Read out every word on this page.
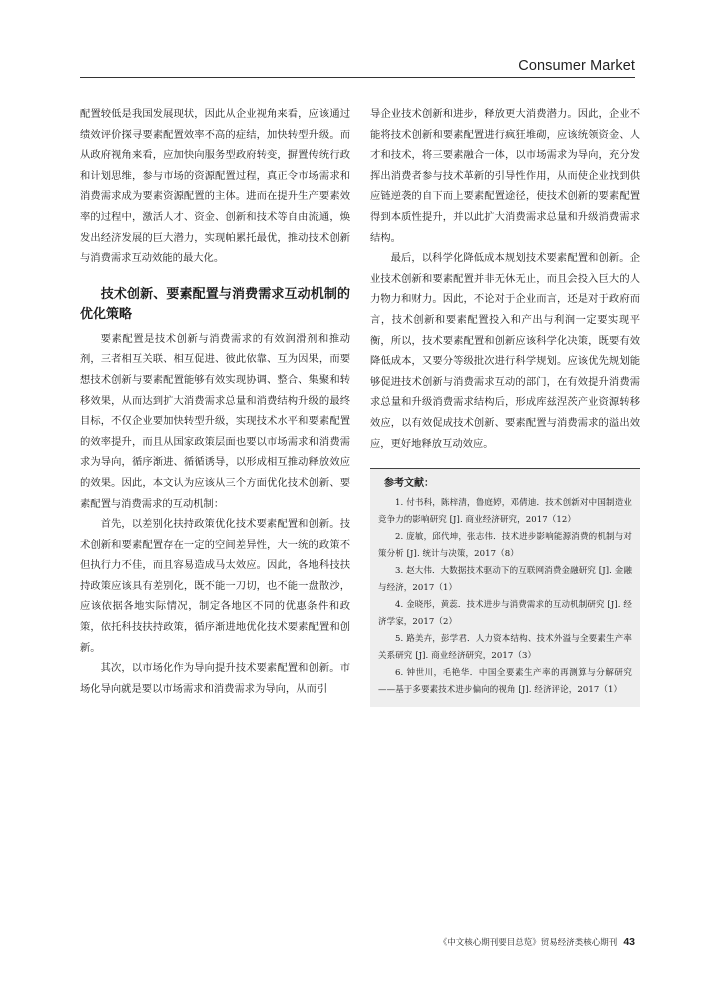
Consumer Market

配置较低是我国发展现状，因此从企业视角来看，应该通过绩效评价探寻要素配置效率不高的症结，加快转型升级。而从政府视角来看，应加快向服务型政府转变，摒置传统行政和计划思维，参与市场的资源配置过程，真正令市场需求和消费需求成为要素资源配置的主体。进而在提升生产要素效率的过程中，激活人才、资金、创新和技术等自由流通，焕发出经济发展的巨大潜力，实现帕累托最优，推动技术创新与消费需求互动效能的最大化。

技术创新、要素配置与消费需求互动机制的优化策略

要素配置是技术创新与消费需求的有效润滑剂和推动剂，三者相互关联、相互促进、彼此依靠、互为因果，而要想技术创新与要素配置能够有效实现协调、整合、集聚和转移效果，从而达到扩大消费需求总量和消费结构升级的最终目标，不仅企业要加快转型升级，实现技术水平和要素配置的效率提升，而且从国家政策层面也要以市场需求和消费需求为导向，循序渐进、循循诱导，以形成相互推动释放效应的效果。因此，本文认为应该从三个方面优化技术创新、要素配置与消费需求的互动机制：

首先，以差别化扶持政策优化技术要素配置和创新。技术创新和要素配置存在一定的空间差异性，大一统的政策不但执行力不佳，而且容易造成马太效应。因此，各地科技扶持政策应该具有差别化，既不能一刀切，也不能一盘散沙，应该依据各地实际情况，制定各地区不同的优惠条件和政策，依托科技扶持政策，循序渐进地优化技术要素配置和创新。

其次，以市场化作为导向提升技术要素配置和创新。市场化导向就是要以市场需求和消费需求为导向，从而引

导企业技术创新和进步，释放更大消费潜力。因此，企业不能将技术创新和要素配置进行疯狂堆砌，应该统领资金、人才和技术，将三要素融合一体，以市场需求为导向，充分发挥出消费者参与技术革新的引导性作用，从而使企业找到供应链逆袭的自下而上要素配置途径，使技术创新的要素配置得到本质性提升，并以此扩大消费需求总量和升级消费需求结构。

最后，以科学化降低成本规划技术要素配置和创新。企业技术创新和要素配置并非无休无止，而且会投入巨大的人力物力和财力。因此，不论对于企业而言，还是对于政府而言，技术创新和要素配置投入和产出与利润一定要实现平衡，所以，技术要素配置和创新应该科学化决策，既要有效降低成本，又要分等级批次进行科学规划。应该优先规划能够促进技术创新与消费需求互动的部门，在有效提升消费需求总量和升级消费需求结构后，形成库兹涅茨产业资源转移效应，以有效促成技术创新、要素配置与消费需求的溢出效应，更好地释放互动效应。

参考文献：

1. 付书科，陈梓清，鲁庭婷，邓倩迪．技术创新对中国制造业竞争力的影响研究 [J]. 商业经济研究，2017（12）

2. 庞敏，邱代坤，张志伟．技术进步影响能源消费的机制与对策分析 [J]. 统计与决策，2017（8）

3. 赵大伟．大数据技术驱动下的互联网消费金融研究 [J]. 金融与经济，2017（1）

4. 金晓彤，黄蕊．技术进步与消费需求的互动机制研究 [J]. 经济学家，2017（2）

5. 路美卉，彭学君．人力资本结构、技术外溢与全要素生产率关系研究 [J]. 商业经济研究，2017（3）

6. 钟世川，毛艳华．中国全要素生产率的再测算与分解研究——基于多要素技术进步偏向的视角 [J]. 经济评论，2017（1）

《中文核心期刊要目总览》贸易经济类核心期刊 43
